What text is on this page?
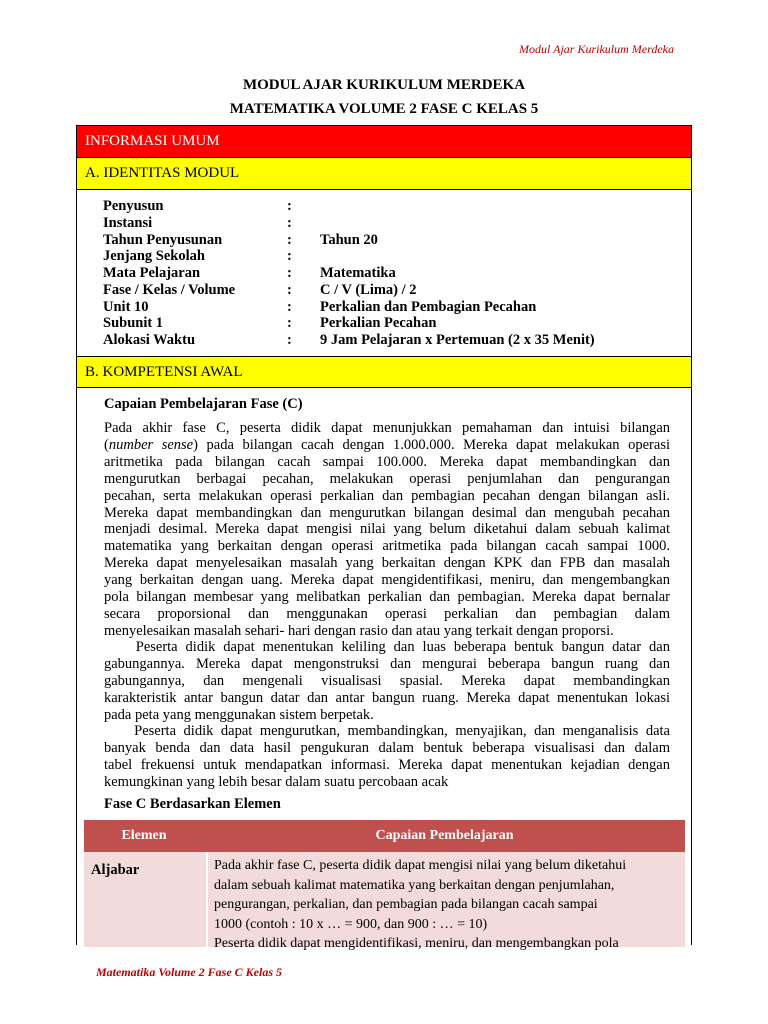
Modul Ajar Kurikulum Merdeka
MODUL AJAR KURIKULUM MERDEKA
MATEMATIKA VOLUME 2 FASE C KELAS 5
INFORMASI UMUM
A. IDENTITAS MODUL
Penyusun	:
Instansi	:
Tahun Penyusunan	:	Tahun 20
Jenjang Sekolah	:
Mata Pelajaran	:	Matematika
Fase / Kelas / Volume	:	C / V (Lima) / 2
Unit 10	:	Perkalian dan Pembagian Pecahan
Subunit 1	:	Perkalian Pecahan
Alokasi Waktu	:	9 Jam Pelajaran x Pertemuan (2 x 35 Menit)
B. KOMPETENSI AWAL
Capaian Pembelajaran Fase (C)
Pada akhir fase C, peserta didik dapat menunjukkan pemahaman dan intuisi bilangan
(number sense) pada bilangan cacah dengan 1.000.000. Mereka dapat melakukan operasi
aritmetika pada bilangan cacah sampai 100.000. Mereka dapat membandingkan dan
mengurutkan berbagai pecahan, melakukan operasi penjumlahan dan pengurangan
pecahan, serta melakukan operasi perkalian dan pembagian pecahan dengan bilangan asli.
Mereka dapat membandingkan dan mengurutkan bilangan desimal dan mengubah pecahan
menjadi desimal. Mereka dapat mengisi nilai yang belum diketahui dalam sebuah kalimat
matematika yang berkaitan dengan operasi aritmetika pada bilangan cacah sampai 1000.
Mereka dapat menyelesaikan masalah yang berkaitan dengan KPK dan FPB dan masalah
yang berkaitan dengan uang. Mereka dapat mengidentifikasi, meniru, dan mengembangkan
pola bilangan membesar yang melibatkan perkalian dan pembagian. Mereka dapat bernalar
secara proporsional dan menggunakan operasi perkalian dan pembagian dalam
menyelesaikan masalah sehari- hari dengan rasio dan atau yang terkait dengan proporsi.
Peserta didik dapat menentukan keliling dan luas beberapa bentuk bangun datar dan
gabungannya. Mereka dapat mengonstruksi dan mengurai beberapa bangun ruang dan
gabungannya, dan mengenali visualisasi spasial. Mereka dapat membandingkan
karakteristik antar bangun datar dan antar bangun ruang. Mereka dapat menentukan lokasi
pada peta yang menggunakan sistem berpetak.
Peserta didik dapat mengurutkan, membandingkan, menyajikan, dan menganalisis data
banyak benda dan data hasil pengukuran dalam bentuk beberapa visualisasi dan dalam
tabel frekuensi untuk mendapatkan informasi. Mereka dapat menentukan kejadian dengan
kemungkinan yang lebih besar dalam suatu percobaan acak
Fase C Berdasarkan Elemen
Elemen	Capaian Pembelajaran
Aljabar	Pada akhir fase C, peserta didik dapat mengisi nilai yang belum diketahui
dalam sebuah kalimat matematika yang berkaitan dengan penjumlahan,
pengurangan, perkalian, dan pembagian pada bilangan cacah sampai
1000 (contoh : 10 x … = 900, dan 900 : … = 10)
Peserta didik dapat mengidentifikasi, meniru, dan mengembangkan pola
Matematika Volume 2 Fase C Kelas 5
